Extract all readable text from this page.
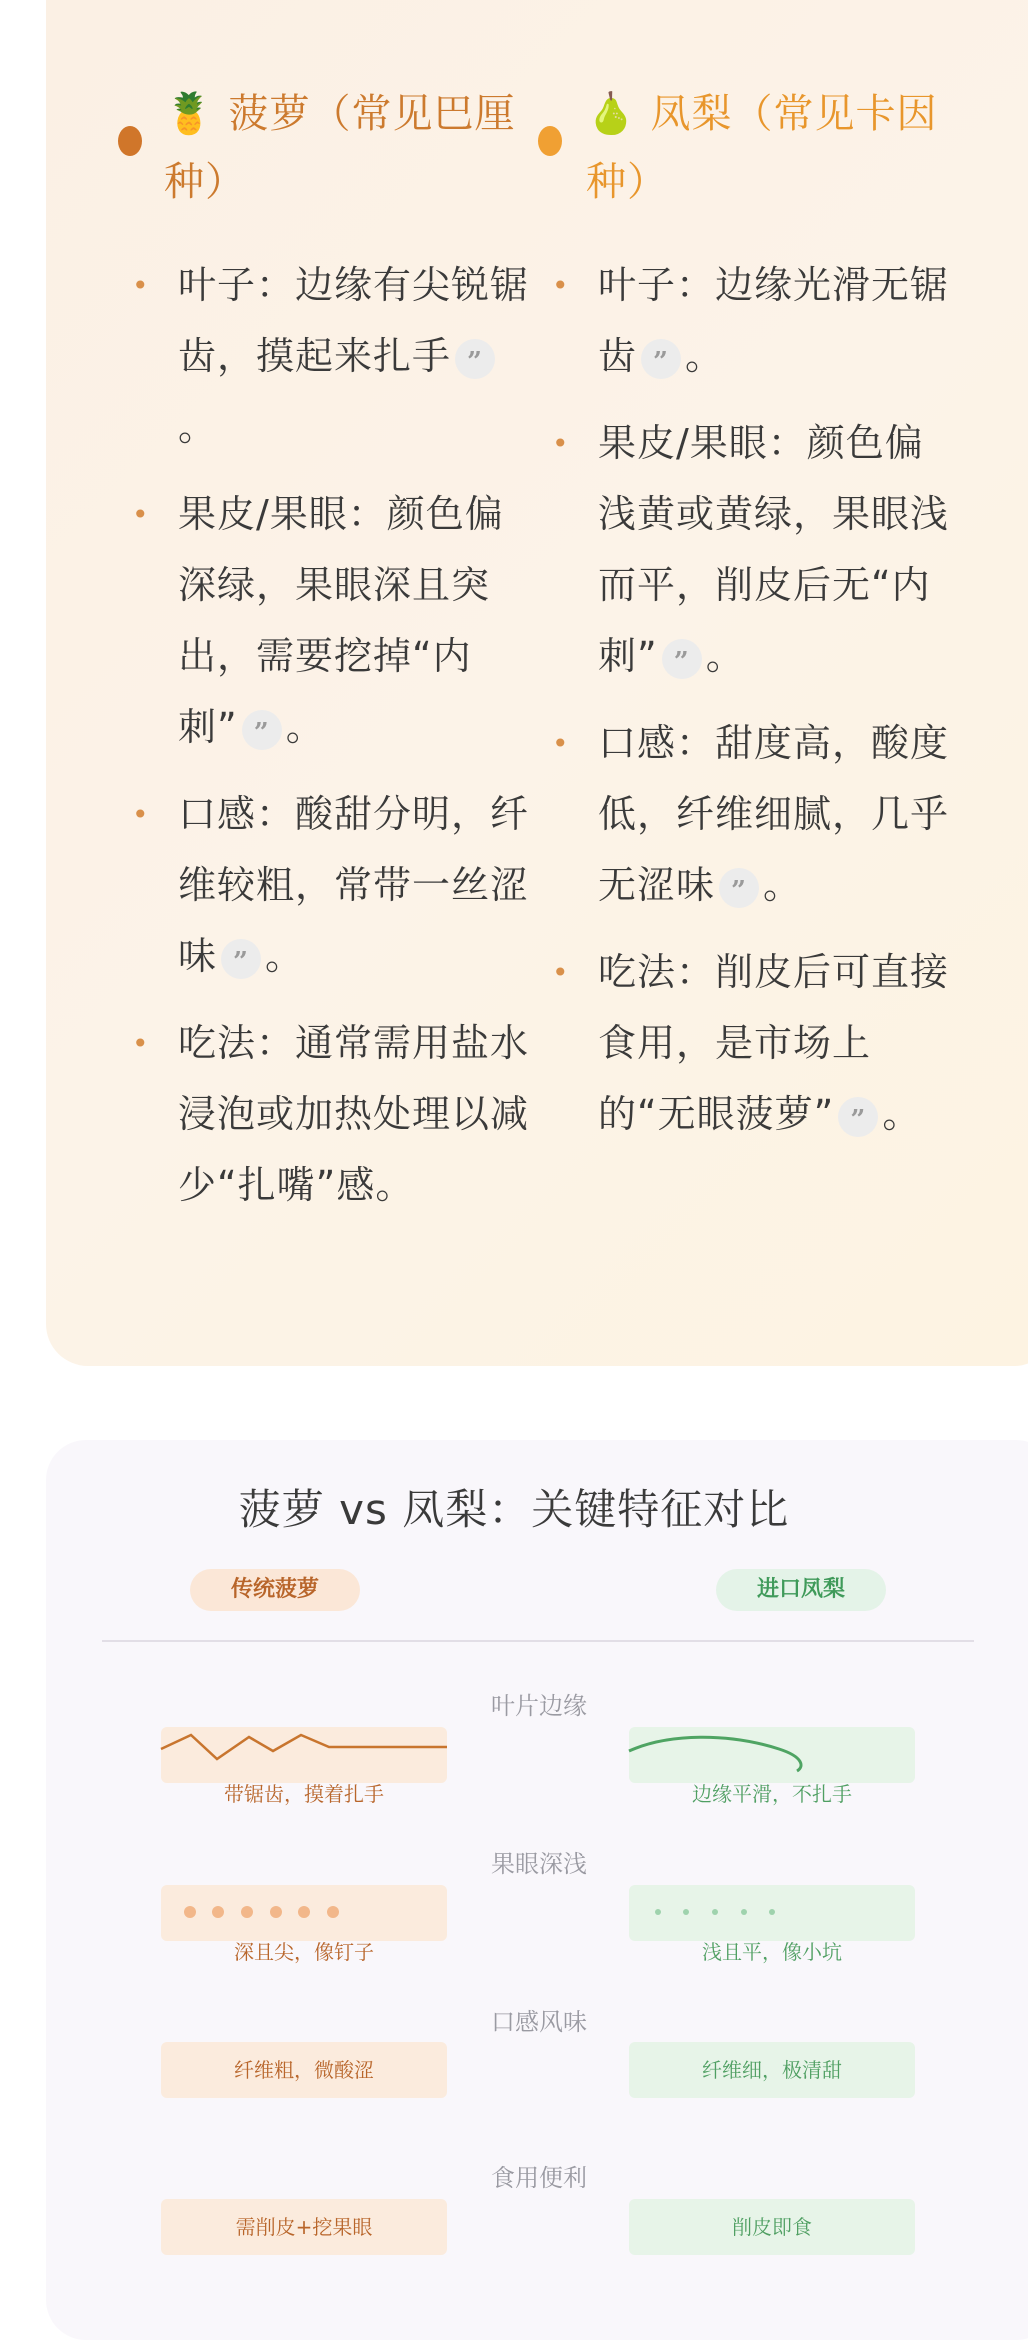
🍍 菠萝（常见巴厘种）
🍐 凤梨（常见卡因种）
• 叶子：边缘有尖锐锯齿，摸起来扎手 ”。
• 果皮/果眼：颜色偏深绿，果眼深且突出，需要挖掉“内刺” ” 。
• 口感：酸甜分明，纤维较粗，常带一丝涩味 ” 。
• 吃法：通常需用盐水浸泡或加热处理以减少“扎嘴”感。
• 叶子：边缘光滑无锯齿 ” 。
• 果皮/果眼：颜色偏浅黄或黄绿，果眼浅而平，削皮后无“内刺” ” 。
• 口感：甜度高，酸度低，纤维细腻，几乎无涩味 ” 。
• 吃法：削皮后可直接食用，是市场上的“无眼菠萝” ” 。
菠萝 vs 凤梨：关键特征对比
传统菠萝	进口凤梨
叶片边缘
带锯齿，摸着扎手	边缘平滑，不扎手
果眼深浅
深且尖，像钉子	浅且平，像小坑
口感风味
纤维粗，微酸涩	纤维细，极清甜
食用便利
需削皮+挖果眼	削皮即食
